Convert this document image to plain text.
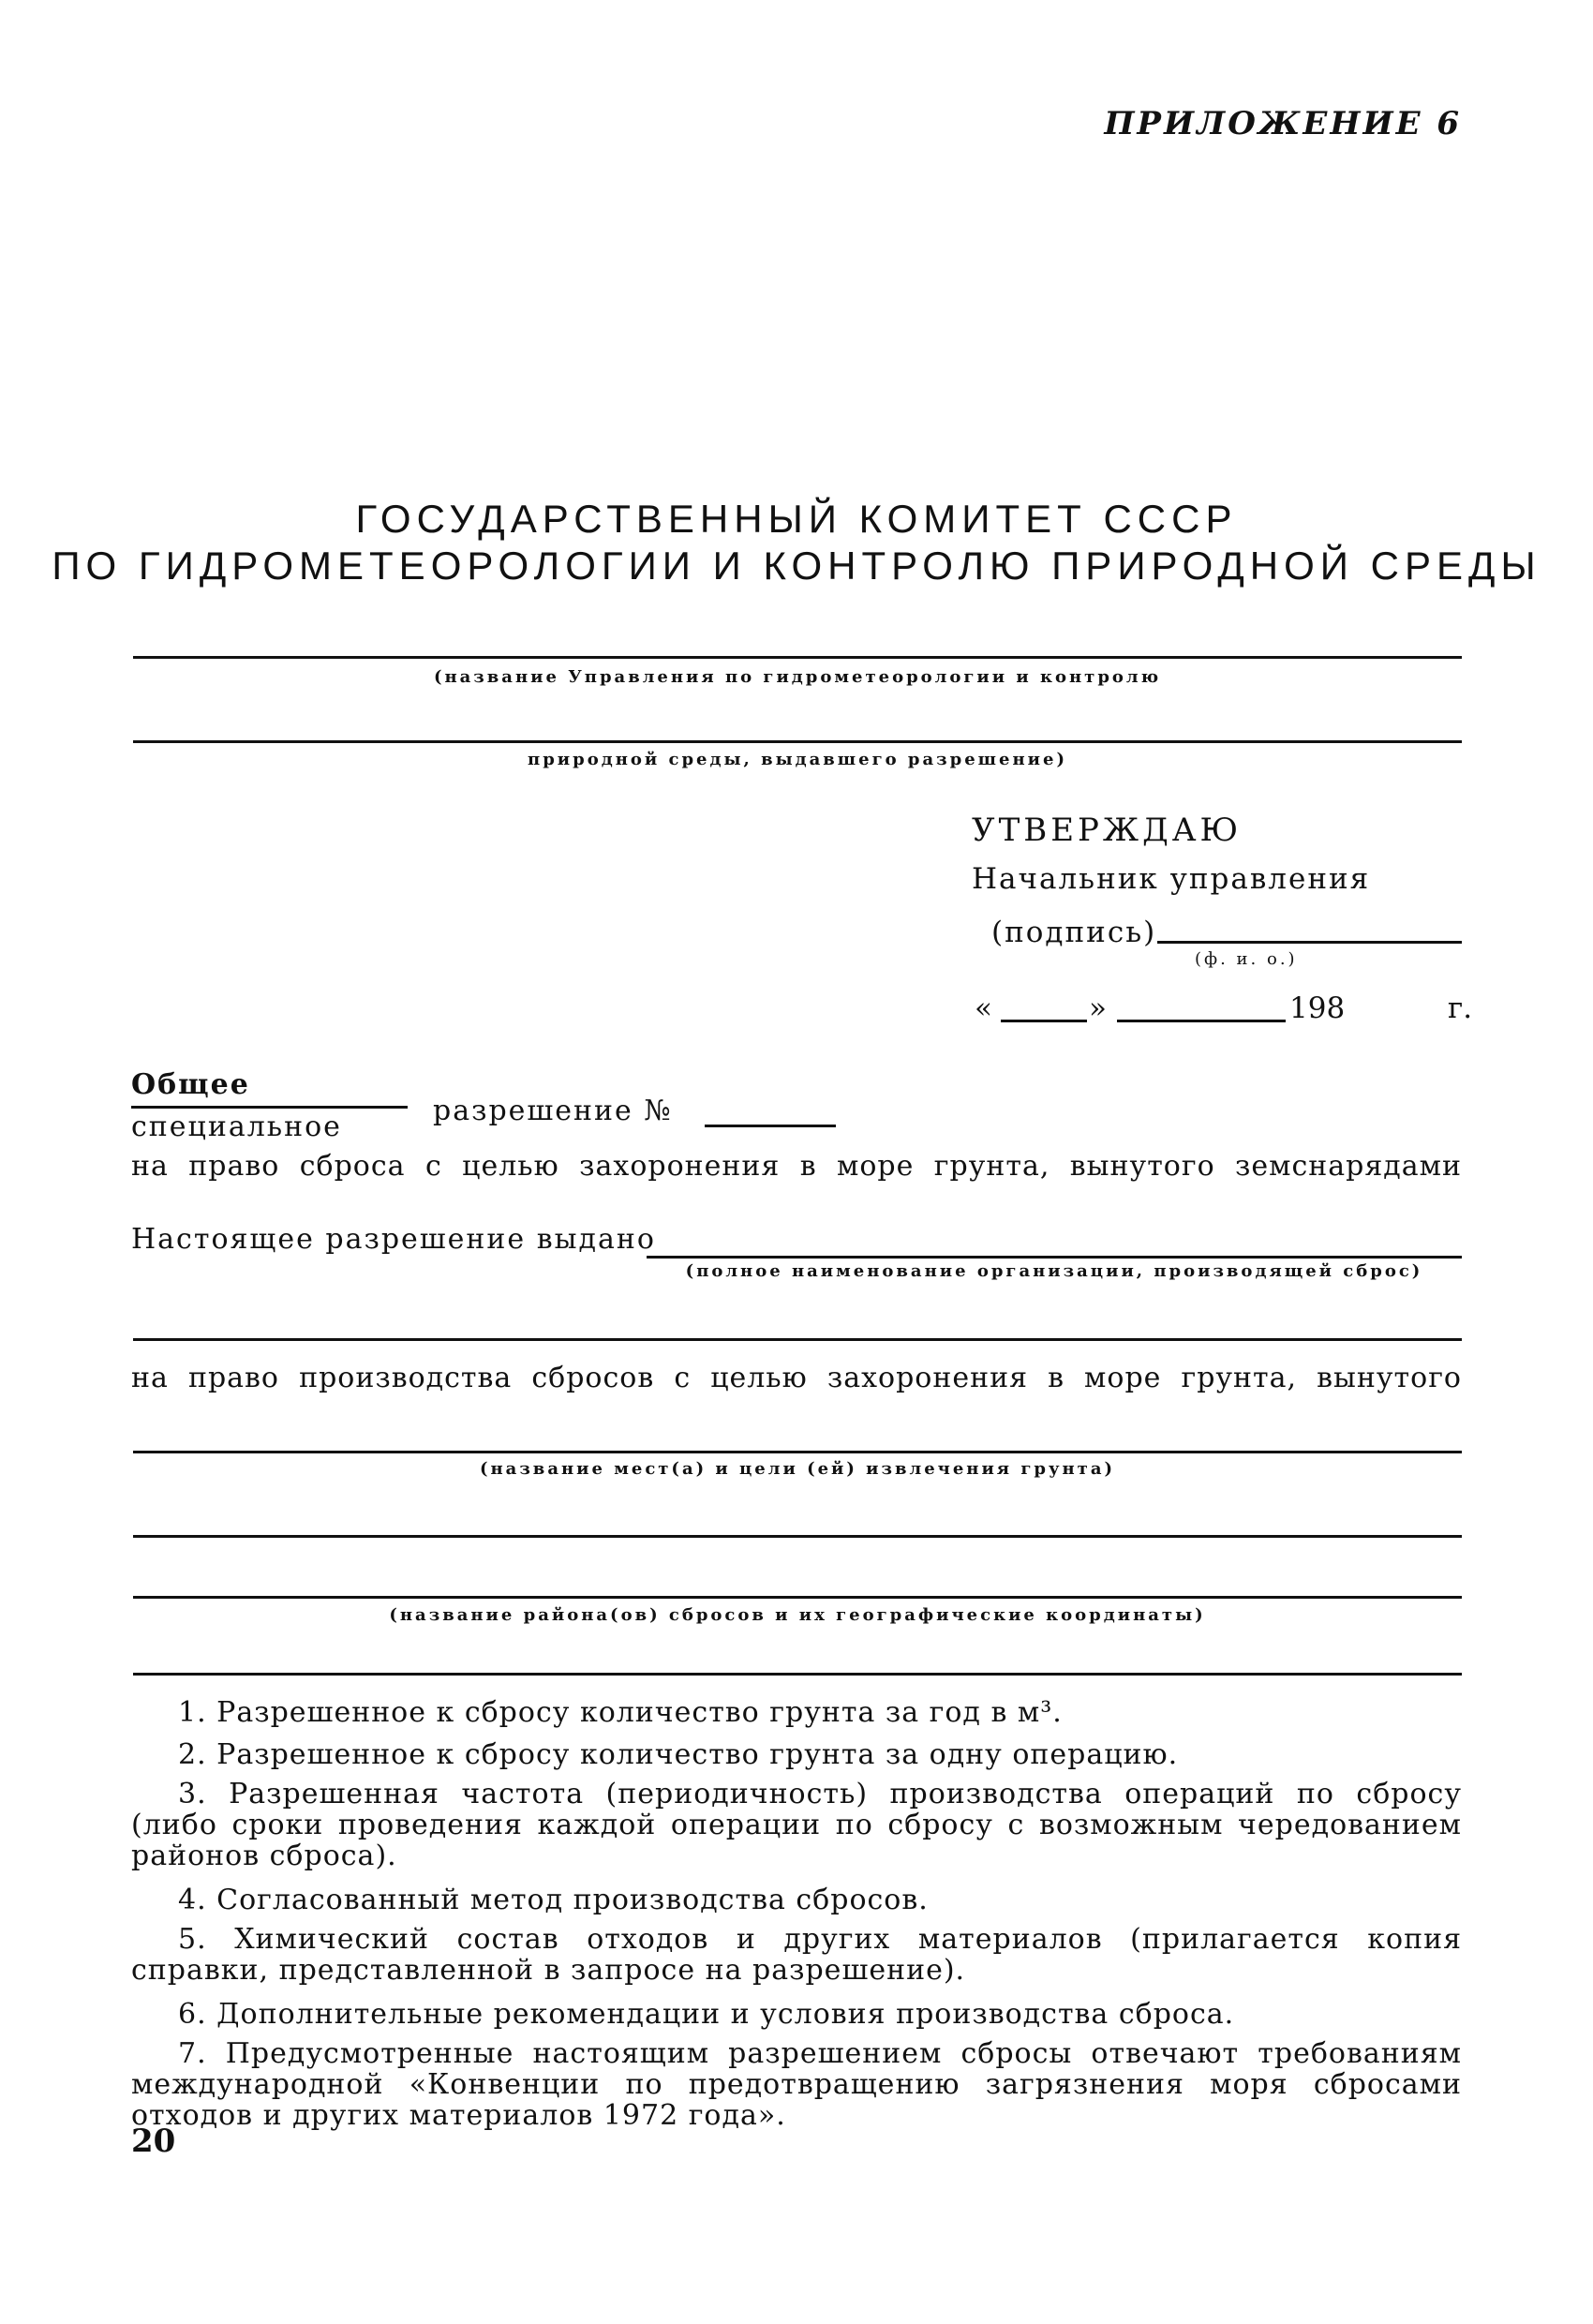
ПРИЛОЖЕНИЕ 6
ГОСУДАРСТВЕННЫЙ КОМИТЕТ СССР
ПО ГИДРОМЕТЕОРОЛОГИИ И КОНТРОЛЮ ПРИРОДНОЙ СРЕДЫ
(название Управления по гидрометеорологии и контролю
природной среды, выдавшего разрешение)
УТВЕРЖДАЮ
Начальник управления
(подпись)
(ф. и. о.)
«	»	198	г.
Общее
специальное	разрешение №
на право сброса с целью захоронения в море грунта, вынутого земснарядами
Настоящее разрешение выдано
(полное наименование организации, производящей сброс)
на право производства сбросов с целью захоронения в море грунта, вынутого
(название мест(а) и цели (ей) извлечения грунта)
(название района(ов) сбросов и их географические координаты)
1. Разрешенное к сбросу количество грунта за год в м³.
2. Разрешенное к сбросу количество грунта за одну операцию.
3. Разрешенная частота (периодичность) производства операций по сбросу (либо сроки проведения каждой операции по сбросу с возможным чередованием районов сброса).
4. Согласованный метод производства сбросов.
5. Химический состав отходов и других материалов (прилагается копия справки, представленной в запросе на разрешение).
6. Дополнительные рекомендации и условия производства сброса.
7. Предусмотренные настоящим разрешением сбросы отвечают требованиям международной «Конвенции по предотвращению загрязнения моря сбросами отходов и других материалов 1972 года».
20
